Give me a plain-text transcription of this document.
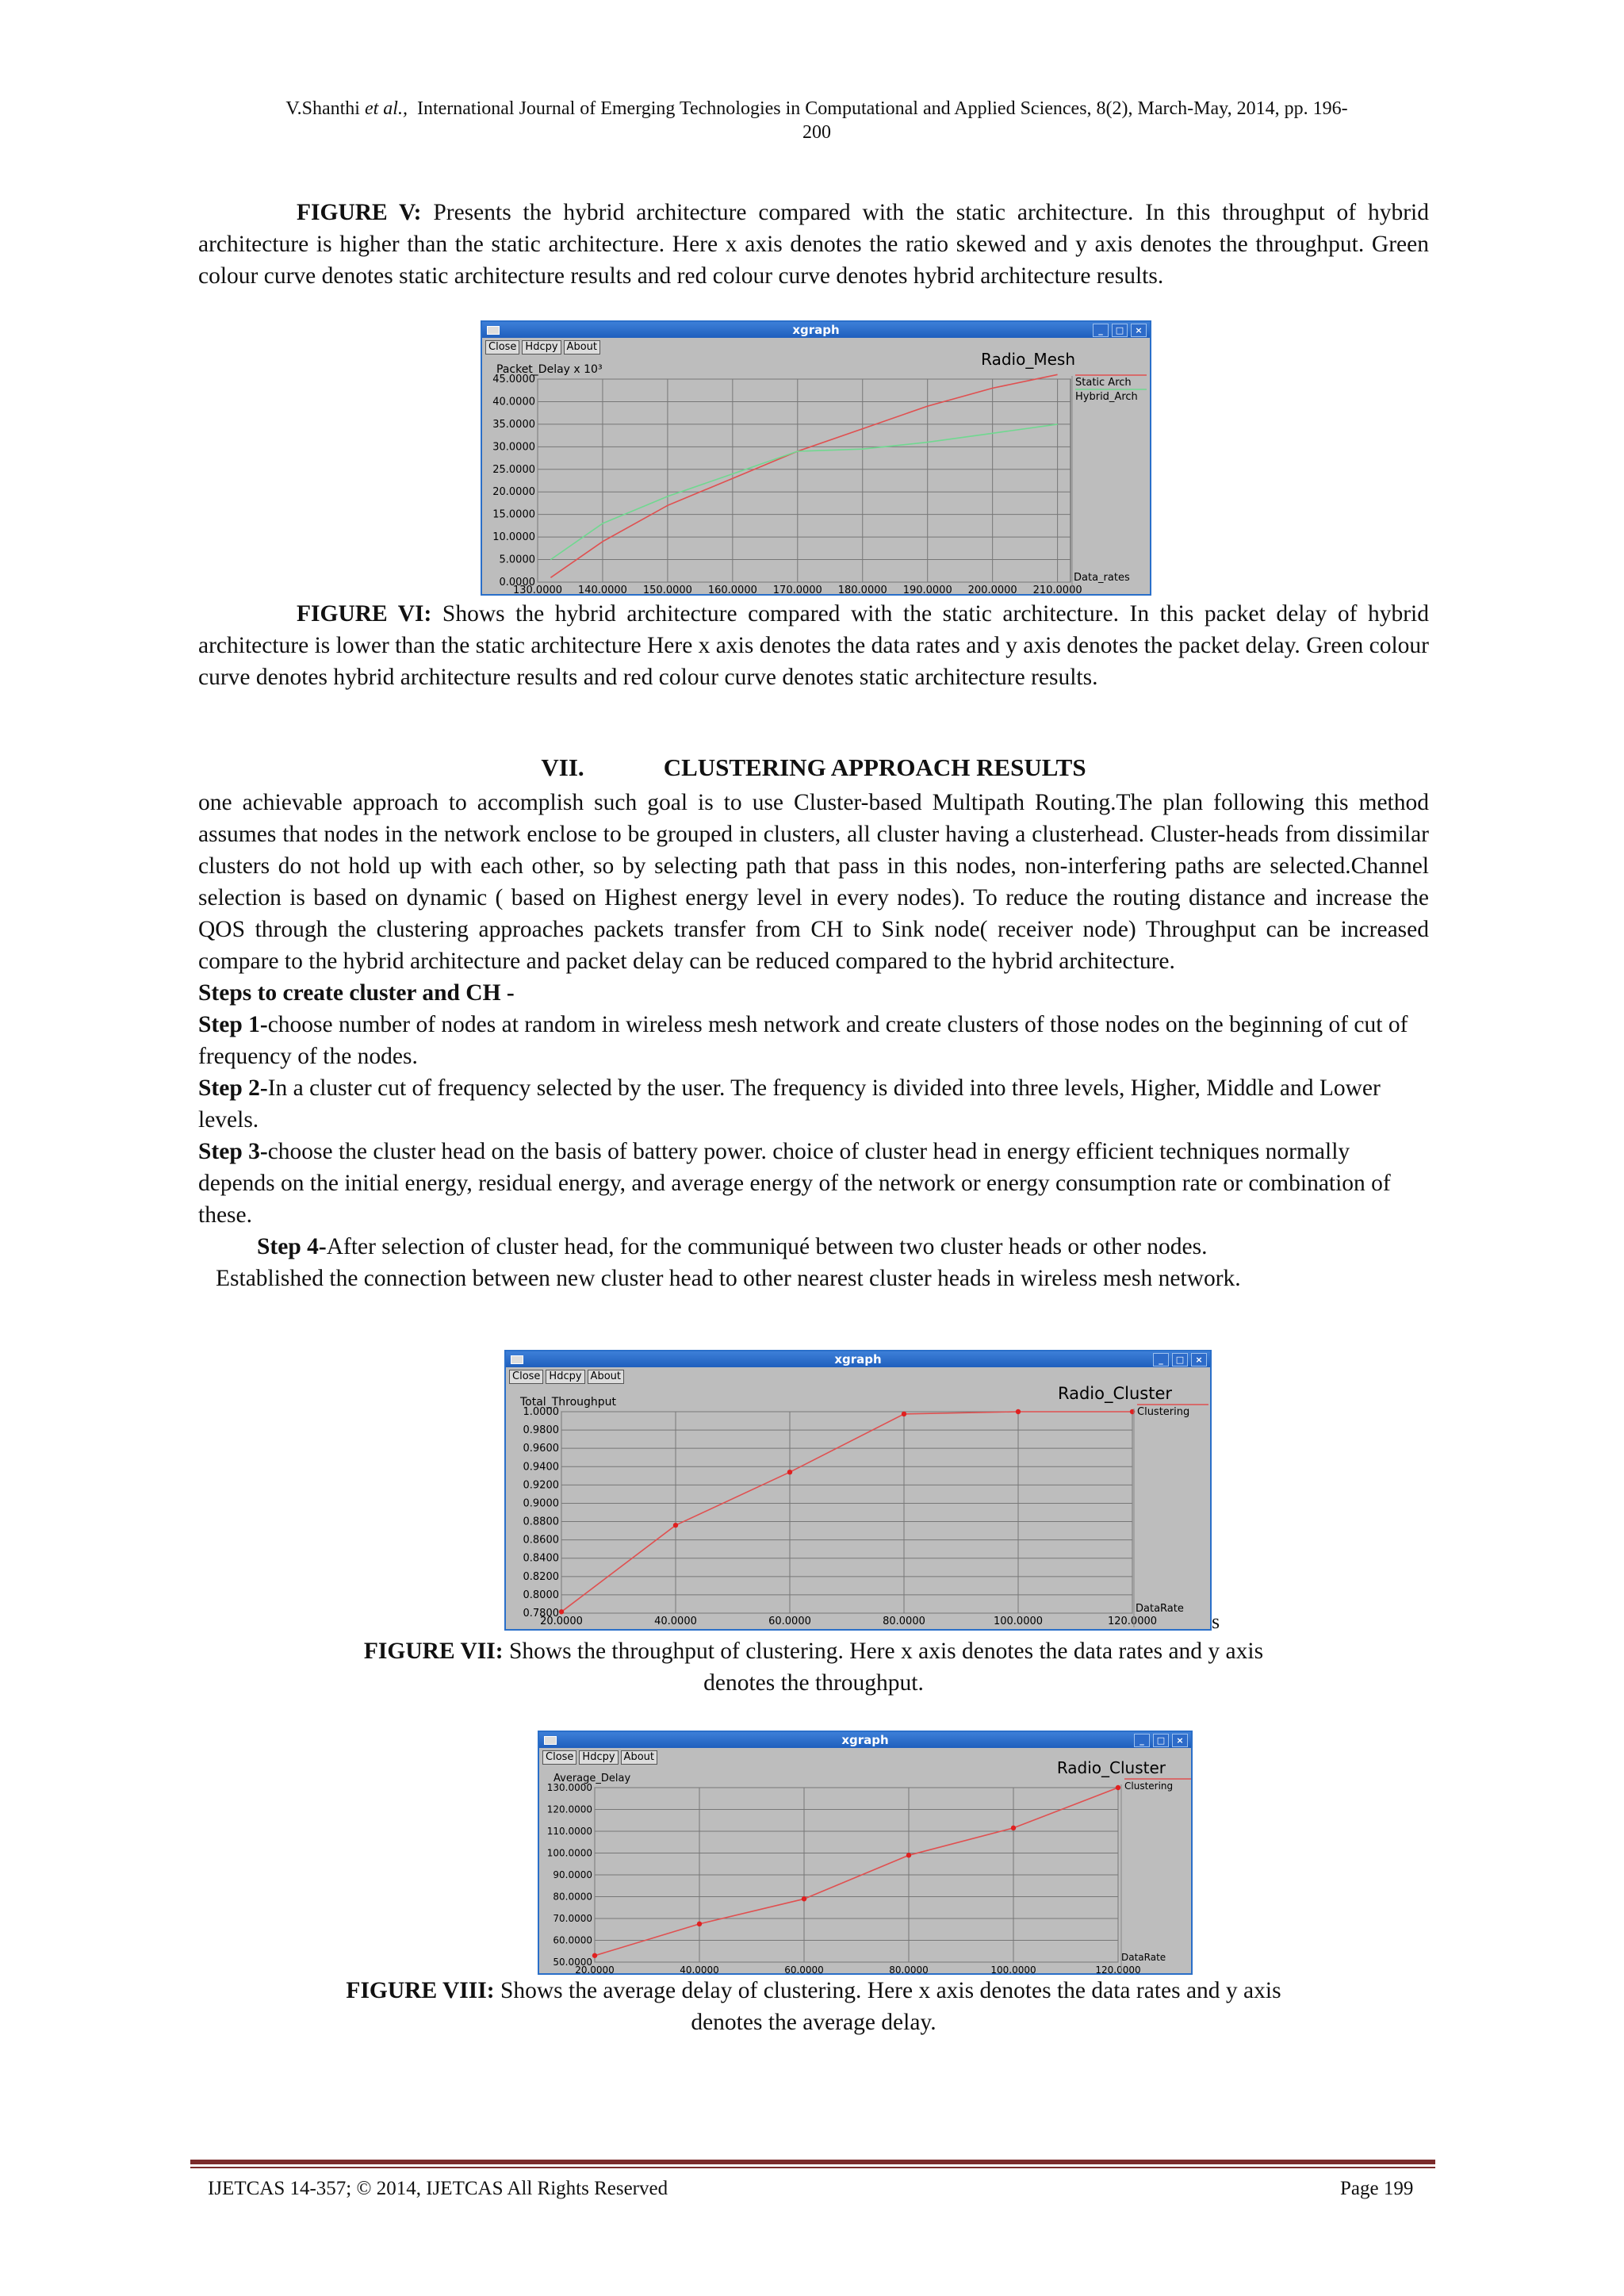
V.Shanthi et al., International Journal of Emerging Technologies in Computational and Applied Sciences, 8(2), March-May, 2014, pp. 196-
200
FIGURE V: Presents the hybrid architecture compared with the static architecture. In this throughput of hybrid architecture is higher than the static architecture. Here x axis denotes the ratio skewed and y axis denotes the throughput. Green colour curve denotes static architecture results and red colour curve denotes hybrid architecture results.
xgraph	_	□	×
Close Hdcpy About
45.0000
40.0000
35.0000
30.0000
25.0000
20.0000
15.0000
10.0000
5.0000
0.0000
130.0000 140.0000 150.0000 160.0000 170.0000 180.0000 190.0000 200.0000 210.0000
Radio_Mesh
Packet_Delay x 10³
Data_rates
Static Arch
Hybrid_Arch
FIGURE VI: Shows the hybrid architecture compared with the static architecture. In this packet delay of hybrid architecture is lower than the static architecture Here x axis denotes the data rates and y axis denotes the packet delay. Green colour curve denotes hybrid architecture results and red colour curve denotes static architecture results.
VII.	CLUSTERING APPROACH RESULTS
one achievable approach to accomplish such goal is to use Cluster-based Multipath Routing.The plan following this method assumes that nodes in the network enclose to be grouped in clusters, all cluster having a clusterhead. Cluster-heads from dissimilar clusters do not hold up with each other, so by selecting path that pass in this nodes, non-interfering paths are selected.Channel selection is based on dynamic ( based on Highest energy level in every nodes). To reduce the routing distance and increase the QOS through the clustering approaches packets transfer from CH to Sink node( receiver node) Throughput can be increased compare to the hybrid architecture and packet delay can be reduced compared to the hybrid architecture.
Steps to create cluster and CH -
Step 1-choose number of nodes at random in wireless mesh network and create clusters of those nodes on the beginning of cut of frequency of the nodes.
Step 2-In a cluster cut of frequency selected by the user. The frequency is divided into three levels, Higher, Middle and Lower levels.
Step 3-choose the cluster head on the basis of battery power. choice of cluster head in energy efficient techniques normally depends on the initial energy, residual energy, and average energy of the network or energy consumption rate or combination of these.
Step 4-After selection of cluster head, for the communiqué between two cluster heads or other nodes.
Established the connection between new cluster head to other nearest cluster heads in wireless mesh network.
xgraph	_	□	×
Close Hdcpy About
1.0000
0.9800
0.9600
0.9400
0.9200
0.9000
0.8800
0.8600
0.8400
0.8200
0.8000
0.7800
20.0000	40.0000	60.0000	80.0000	100.0000	120.0000
Radio_Cluster
Total_Throughput
DataRate
Clustering
s
FIGURE VII: Shows the throughput of clustering. Here x axis denotes the data rates and y axis
denotes the throughput.
xgraph	_	□	×
Close Hdcpy About
130.0000
120.0000
110.0000
100.0000
90.0000
80.0000
70.0000
60.0000
50.0000
20.0000	40.0000	60.0000	80.0000	100.0000	120.0000
Radio_Cluster
Average_Delay
DataRate
Clustering
FIGURE VIII: Shows the average delay of clustering. Here x axis denotes the data rates and y axis
denotes the average delay.
IJETCAS 14-357; © 2014, IJETCAS All Rights Reserved	Page 199
